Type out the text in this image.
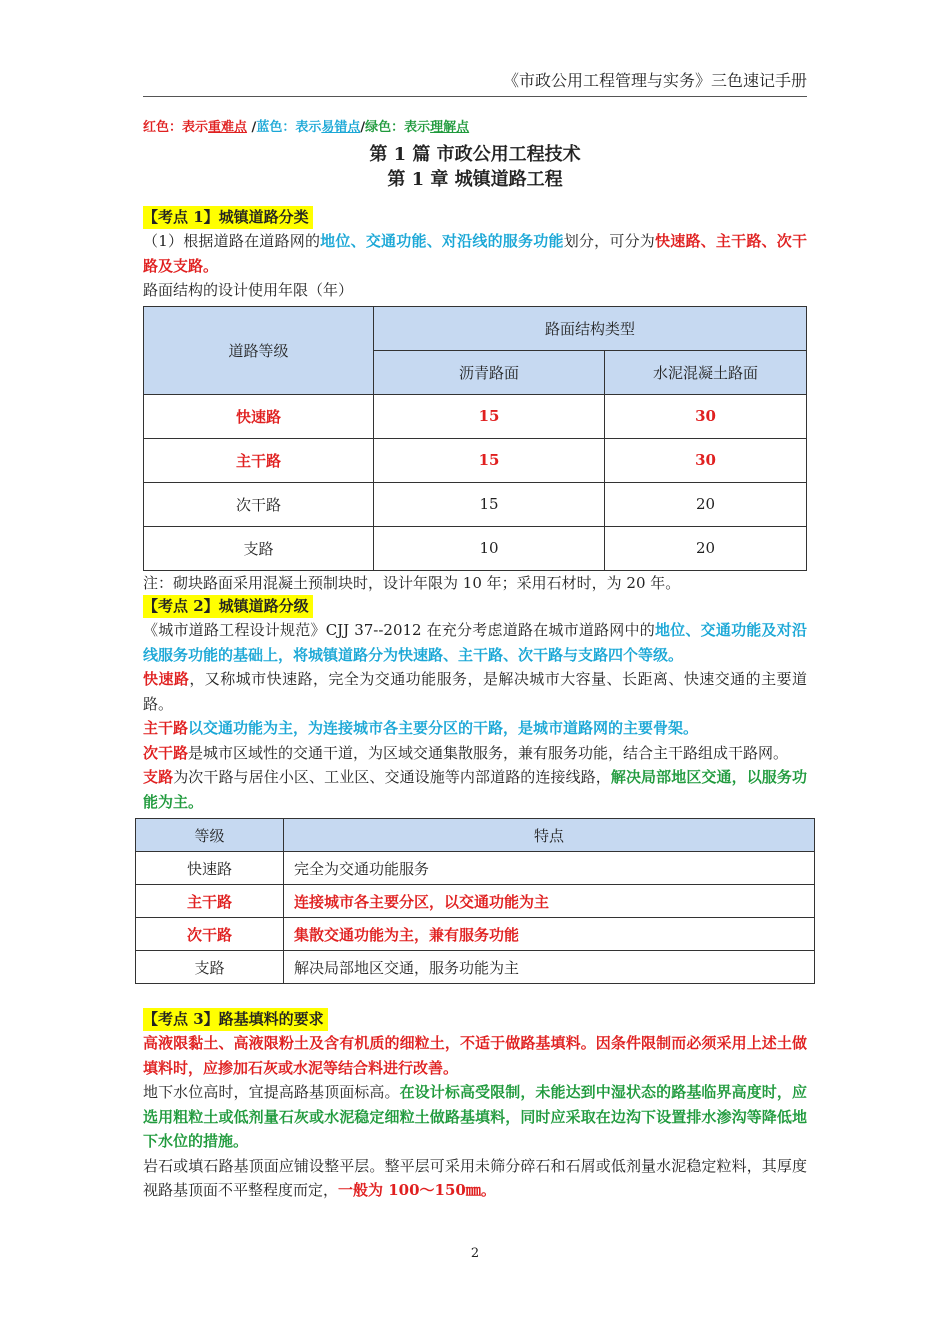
《市政公用工程管理与实务》三色速记手册
红色：表示重难点 /蓝色：表示易错点/绿色：表示理解点
第 1 篇 市政公用工程技术
第 1 章 城镇道路工程
【考点 1】城镇道路分类

（1）根据道路在道路网的地位、交通功能、对沿线的服务功能划分，可分为快速路、主干路、次干路及支路。

路面结构的设计使用年限（年）

道路等级	路面结构类型	
	沥青路面	水泥混凝土路面
快速路	15	30
主干路	15	30
次干路	15	20
支路	10	20

注：砌块路面采用混凝土预制块时，设计年限为 10 年；采用石材时，为 20 年。

【考点 2】城镇道路分级

《城市道路工程设计规范》CJJ 37--2012 在充分考虑道路在城市道路网中的地位、交通功能及对沿线服务功能的基础上，将城镇道路分为快速路、主干路、次干路与支路四个等级。

快速路，又称城市快速路，完全为交通功能服务，是解决城市大容量、长距离、快速交通的主要道路。

主干路以交通功能为主，为连接城市各主要分区的干路，是城市道路网的主要骨架。

次干路是城市区域性的交通干道，为区域交通集散服务，兼有服务功能，结合主干路组成干路网。

支路为次干路与居住小区、工业区、交通设施等内部道路的连接线路，解决局部地区交通，以服务功能为主。

等级	特点
快速路	完全为交通功能服务
主干路	连接城市各主要分区，以交通功能为主
次干路	集散交通功能为主，兼有服务功能
支路	解决局部地区交通，服务功能为主
【考点 3】路基填料的要求

高液限黏土、高液限粉土及含有机质的细粒土，不适于做路基填料。因条件限制而必须采用上述土做填料时，应掺加石灰或水泥等结合料进行改善。

地下水位高时，宜提高路基顶面标高。在设计标高受限制，未能达到中湿状态的路基临界高度时，应选用粗粒土或低剂量石灰或水泥稳定细粒土做路基填料，同时应采取在边沟下设置排水渗沟等降低地下水位的措施。

岩石或填石路基顶面应铺设整平层。整平层可采用未筛分碎石和石屑或低剂量水泥稳定粒料，其厚度视路基顶面不平整程度而定，一般为 100～150㎜。

2
